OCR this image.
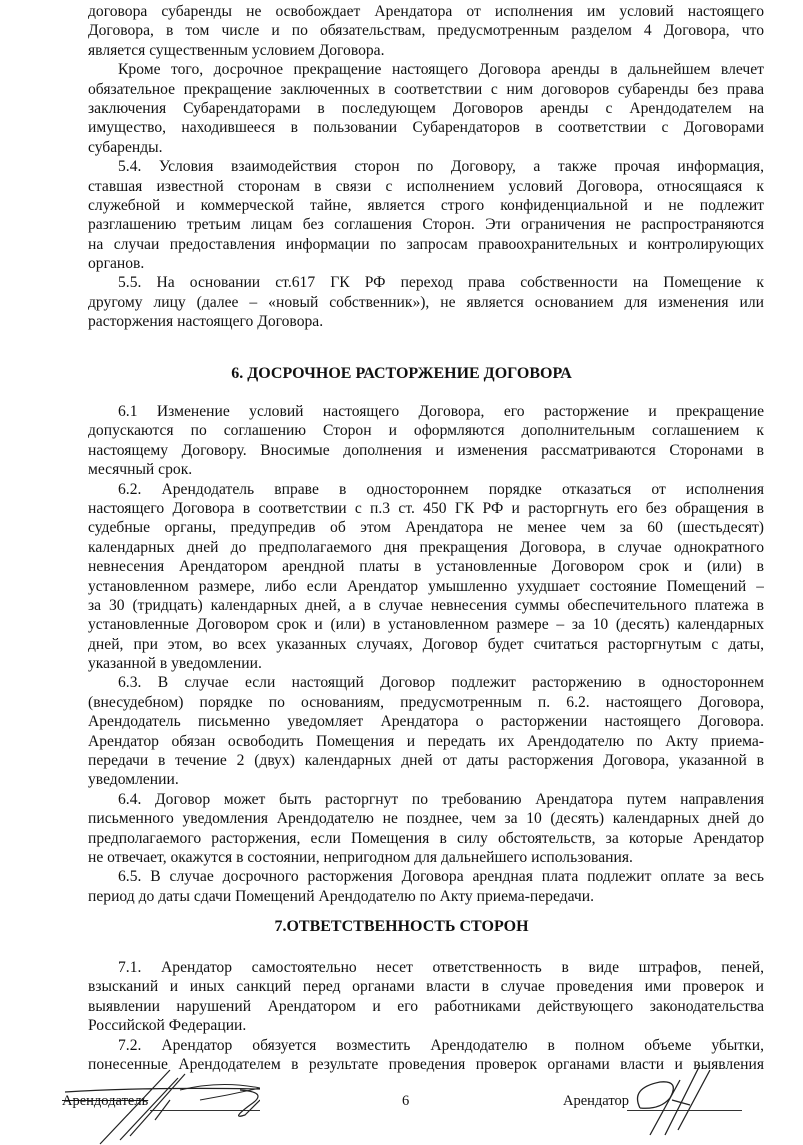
договора субаренды не освобождает Арендатора от исполнения им условий настоящего
Договора, в том числе и по обязательствам, предусмотренным разделом 4 Договора, что
является существенным условием Договора.
Кроме того, досрочное прекращение настоящего Договора аренды в дальнейшем влечет
обязательное прекращение заключенных в соответствии с ним договоров субаренды без права
заключения Субарендаторами в последующем Договоров аренды с Арендодателем на
имущество, находившееся в пользовании Субарендаторов в соответствии с Договорами
субаренды.
5.4. Условия взаимодействия сторон по Договору, а также прочая информация,
ставшая известной сторонам в связи с исполнением условий Договора, относящаяся к
служебной и коммерческой тайне, является строго конфиденциальной и не подлежит
разглашению третьим лицам без соглашения Сторон. Эти ограничения не распространяются
на случаи предоставления информации по запросам правоохранительных и контролирующих
органов.
5.5. На основании ст.617 ГК РФ переход права собственности на Помещение к
другому лицу (далее – «новый собственник»), не является основанием для изменения или
расторжения настоящего Договора.
6. ДОСРОЧНОЕ РАСТОРЖЕНИЕ ДОГОВОРА
6.1 Изменение условий настоящего Договора, его расторжение и прекращение
допускаются по соглашению Сторон и оформляются дополнительным соглашением к
настоящему Договору. Вносимые дополнения и изменения рассматриваются Сторонами в
месячный срок.
6.2. Арендодатель вправе в одностороннем порядке отказаться от исполнения
настоящего Договора в соответствии с п.3 ст. 450 ГК РФ и расторгнуть его без обращения в
судебные органы, предупредив об этом Арендатора не менее чем за 60 (шестьдесят)
календарных дней до предполагаемого дня прекращения Договора, в случае однократного
невнесения Арендатором арендной платы в установленные Договором срок и (или) в
установленном размере, либо если Арендатор умышленно ухудшает состояние Помещений –
за 30 (тридцать) календарных дней, а в случае невнесения суммы обеспечительного платежа в
установленные Договором срок и (или) в установленном размере – за 10 (десять) календарных
дней, при этом, во всех указанных случаях, Договор будет считаться расторгнутым с даты,
указанной в уведомлении.
6.3. В случае если настоящий Договор подлежит расторжению в одностороннем
(внесудебном) порядке по основаниям, предусмотренным п. 6.2. настоящего Договора,
Арендодатель письменно уведомляет Арендатора о расторжении настоящего Договора.
Арендатор обязан освободить Помещения и передать их Арендодателю по Акту приема-
передачи в течение 2 (двух) календарных дней от даты расторжения Договора, указанной в
уведомлении.
6.4. Договор может быть расторгнут по требованию Арендатора путем направления
письменного уведомления Арендодателю не позднее, чем за 10 (десять) календарных дней до
предполагаемого расторжения, если Помещения в силу обстоятельств, за которые Арендатор
не отвечает, окажутся в состоянии, непригодном для дальнейшего использования.
6.5. В случае досрочного расторжения Договора арендная плата подлежит оплате за весь
период до даты сдачи Помещений Арендодателю по Акту приема-передачи.
7.ОТВЕТСТВЕННОСТЬ СТОРОН
7.1. Арендатор самостоятельно несет ответственность в виде штрафов, пеней,
взысканий и иных санкций перед органами власти в случае проведения ими проверок и
выявлении нарушений Арендатором и его работниками действующего законодательства
Российской Федерации.
7.2. Арендатор обязуется возместить Арендодателю в полном объеме убытки,
понесенные Арендодателем в результате проведения проверок органами власти и выявления
Арендодатель	6	Арендатор
